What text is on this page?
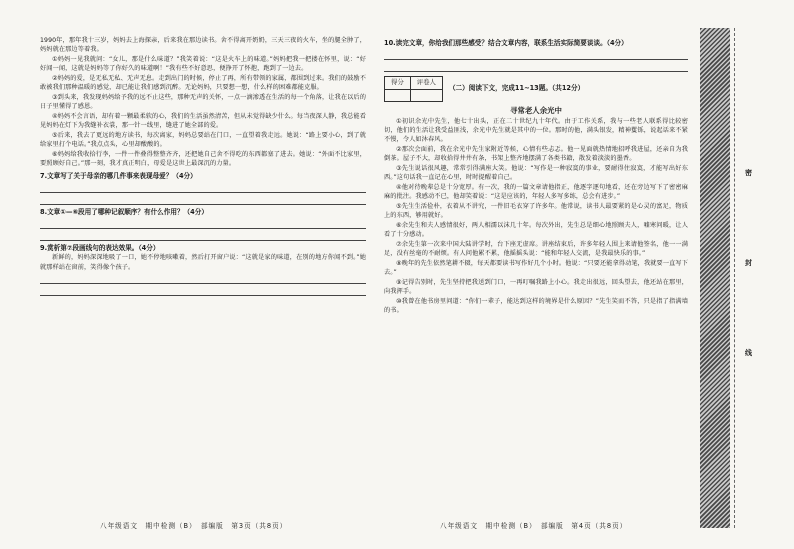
1990年，那年我十三岁，妈妈去上海探亲，后来我在那边读书。舍不得离开奶奶，三天三夜的火车，坐的腿全肿了，妈妈就在那边等着我。

①妈妈一见我就问：“女儿，那是什么味道？”我笑着说：“这是火车上的味道。”妈妈把我一把搂在怀里，说：“好好闻一闻，这就是妈妈等了你好久的味道啊！”我有些不好意思，便挣开了怀抱，跑到了一边去。

②妈妈的爱，是无私无私、无声无息。走到出门的时候，停止了再，所有带领的家属，都围到过来。我们的鼓励不敢被我们那种温暖的感觉，却已能让我们感到沉醉。无论妈妈，只要想一想，什么样的困难都能克服。

③到头来，我发现妈妈给予我的远不止这些，那种无声的关怀，一点一滴渗透在生活的每一个角落，让我在以后的日子里懂得了感恩。

④妈妈不会言语，却有着一颗最柔软的心，我们的生活虽然清苦，但从未觉得缺少什么。每当夜深人静，我总能看见妈妈在灯下为我缝补衣裳，那一针一线里，缝进了她全部的爱。

⑤后来，我去了更远的地方读书，每次离家，妈妈总要站在门口，一直望着我走远。她说：“路上要小心，到了就给家里打个电话。”我点点头，心里却酸酸的。

⑥妈妈给我收拾行李，一件一件叠得整整齐齐，还把她自己舍不得吃的东西都塞了进去。她说：“外面不比家里，要照顾好自己。”那一刻，我才真正明白，母爱是这世上最深沉的力量。

7.文章写了关于母亲的哪几件事来表现母爱？（4分）
8.文章①—⑥段用了哪种记叙顺序？有什么作用？（4分）
9.赏析第⑦段画线句的表达效果。（4分）

新鲜的，妈妈深深地吸了一口，她不停地咳嗽着，然后打开窗户说：“这就是家的味道，在别的地方你闻不到。”她就那样站在窗前，笑得像个孩子。

八年级语文　期中检测（B）　部编版　第3页（共8页）
10.读完文章，你给我们那些感受？结合文章内容，联系生活实际简要谈谈。（4分）
得分	评卷人

（二）阅读下文，完成11~13题。（共12分）
寻常老人余光中

①初识余光中先生，他七十出头，正在二十世纪九十年代。由于工作关系，我与一些老人联系得比较密切，他们的生活让我受益匪浅，余光中先生就是其中的一位。那时的他，满头银发，精神矍铄，说起话来不紧不慢，令人如沐春风。

②那次会面前，我在余光中先生家附近等候，心情有些忐忑。他一见面就热情地招呼我进屋，还亲自为我倒茶。屋子不大，却收拾得井井有条，书架上整齐地摆满了各类书籍，散发着淡淡的墨香。

③先生说话很风趣，常常引得满座大笑。他说：“写作是一种寂寞的事业，要耐得住寂寞，才能写出好东西。”这句话我一直记在心里，时时提醒着自己。

④他对待晚辈总是十分宽厚。有一次，我的一篇文章请他指正，他逐字逐句地看，还在旁边写下了密密麻麻的批注。我感动不已，他却笑着说：“这是应该的，年轻人多写多练，总会有进步。”

⑤先生生活俭朴，衣着从不讲究，一件旧毛衣穿了许多年。他常说，读书人最要紧的是心灵的富足，物质上的东西，够用就好。

⑥余先生和夫人感情很好，两人相濡以沫几十年。每次外出，先生总是细心地照顾夫人，嘘寒问暖，让人看了十分感动。

⑦余先生第一次来中国大陆讲学时，台下座无虚席。讲座结束后，许多年轻人围上来请他签名，他一一满足，没有丝毫的不耐烦。有人问他累不累，他摇摇头说：“能和年轻人交流，是我最快乐的事。”

⑧晚年的先生依然笔耕不辍，每天都要读书写作好几个小时。他说：“只要还能拿得动笔，我就要一直写下去。”

⑨记得告别时，先生坚持把我送到门口，一再叮嘱我路上小心。我走出很远，回头望去，他还站在那里，向我挥手。

⑩我曾在他书房里问道：“你们一辈子，能达到这样的境界是什么原因？”先生笑而不答，只是指了指满墙的书。

八年级语文　期中检测（B）　部编版　第4页（共8页）
密
封
线
